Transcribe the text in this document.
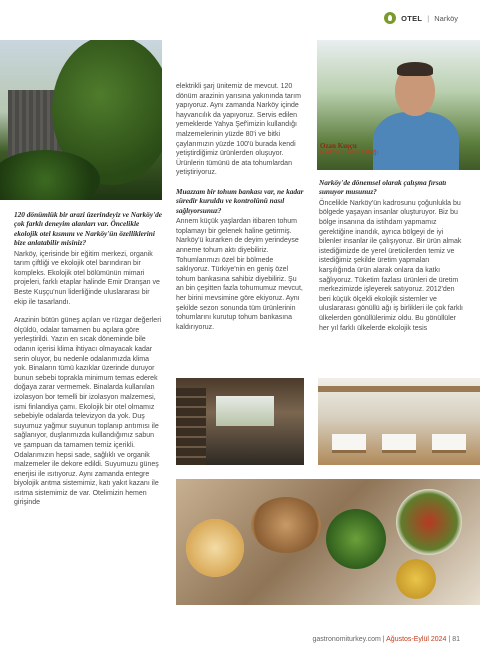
OTEL | Narköy
Ozan Kuşçu
Narköy Kurucu Ortağı
120 dönümlük bir arazi üzerindeyiz ve Narköy'de çok farklı deneyim alanları var. Öncelikle ekolojik otel kısmını ve Narköy'ün özelliklerini bize anlatabilir misiniz?

Narköy, içerisinde bir eğitim merkezi, organik tarım çiftliği ve ekolojik otel barındıran bir kompleks. Ekolojik otel bölümünün mimari projeleri, farklı etaplar halinde Emir Dranşan ve Beste Kuşçu'nun liderliğinde uluslararası bir ekip ile tasarlandı.

Arazinin bütün güneş açıları ve rüzgar değerleri ölçüldü, odalar tamamen bu açılara göre yerleştirildi. Yazın en sıcak döneminde bile odanın içerisi klima ihtiyacı olmayacak kadar serin oluyor, bu nedenle odalarımızda klima yok. Binaların tümü kazıklar üzerinde duruyor bunun sebebi toprakla minimum temas ederek doğaya zarar vermemek. Binalarda kullanılan izolasyon bor temelli bir izolasyon malzemesi, ismi finlandiya çamı. Ekolojik bir otel olmamız sebebiyle odalarda televizyon da yok. Duş suyumuz yağmur suyunun toplanıp arıtımısı ile sağlanıyor, duşlarımızda kullandığımız sabun ve şampuan da tamamen temiz içerikli. Odalarımızın hepsi sade, sağlıklı ve organik malzemeler ile dekore edildi. Suyumuzu güneş enerjisi ile ısıtıyoruz. Aynı zamanda entegre biyolojik arıtma sistemimiz, katı yakıt kazanı ile ısıtma sistemimiz de var. Otelimizin hemen girişinde

elektrikli şarj ünitemiz de mevcut. 120 dönüm arazinin yarısına yakınında tarım yapıyoruz. Aynı zamanda Narköy içinde hayvancılık da yapıyoruz. Servis edilen yemeklerde Yahya Şef'imizin kullandığı malzemelerinin yüzde 80'i ve bitki çaylarımızın yüzde 100'ü burada kendi yetiştirdiğimiz ürünlerden oluşuyor. Ürünlerin tümünü de ata tohumlardan yetiştiriyoruz.

Muazzam bir tohum bankası var, ne kadar süredir kuruldu ve kontrolünü nasıl sağlıyorsunuz?

Annem küçük yaşlardan itibaren tohum toplamayı bir gelenek haline getirmiş. Narköy'ü kurarken de deyim yerindeyse anneme tohum aktı diyebiliriz. Tohumlarımızı özel bir bölmede saklıyoruz. Türkiye'nin en geniş özel tohum bankasına sahibiz diyebiliriz. Şu an bin çeşitten fazla tohumumuz mevcut, her birini mevsimine göre ekiyoruz. Aynı şekilde sezon sonunda tüm ürünlerinin tohumlarını kurutup tohum bankasına kaldırıyoruz.

Narköy'de dönemsel olarak çalışma fırsatı sunuyor musunuz?

Öncelikle Narköy'ün kadrosunu çoğunlukla bu bölgede yaşayan insanlar oluşturuyor. Biz bu bölge insanına da istihdam yapmamız gerektiğine inandık, ayrıca bölgeyi de iyi bilenler insanlar ile çalışıyoruz. Bir ürün almak istediğimizde de yerel üreticilerden temiz ve istediğimiz şekilde üretim yapmaları karşılığında ürün alarak onlara da katkı sağlıyoruz. Tüketim fazlası ürünleri de üretim merkezimizde işleyerek satıyoruz. 2012'den beri küçük ölçekli ekolojik sistemler ve uluslararası gönüllü ağı iş birlikleri ile çok farklı ülkelerden gönüllülerimiz oldu. Bu gönüllüler her yıl farklı ülkelerde ekolojik tesis

gastronomiturkey.com | Ağustos-Eylül 2024 | 81
